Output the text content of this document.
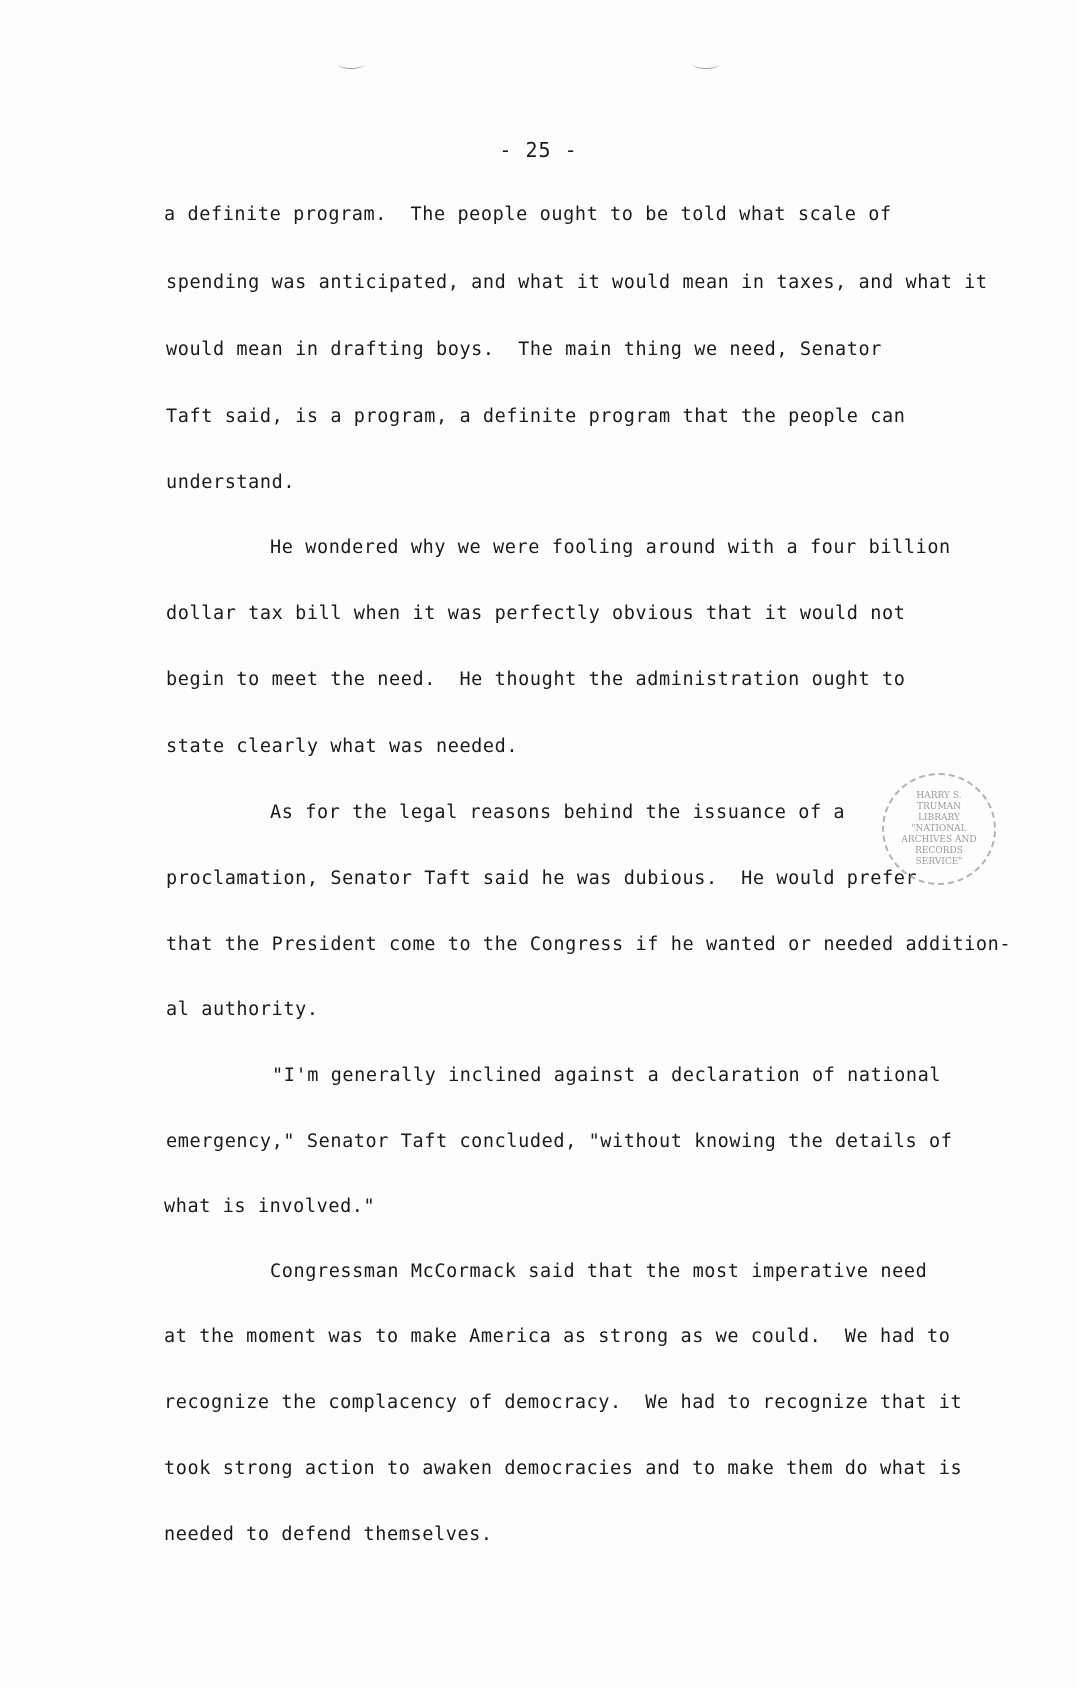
- 25 -
a definite program.  The people ought to be told what scale of
spending was anticipated, and what it would mean in taxes, and what it
would mean in drafting boys.  The main thing we need, Senator
Taft said, is a program, a definite program that the people can
understand.
He wondered why we were fooling around with a four billion
dollar tax bill when it was perfectly obvious that it would not
begin to meet the need.  He thought the administration ought to
state clearly what was needed.
As for the legal reasons behind the issuance of a
proclamation, Senator Taft said he was dubious.  He would prefer
that the President come to the Congress if he wanted or needed addition-
al authority.
"I'm generally inclined against a declaration of national
emergency," Senator Taft concluded, "without knowing the details of
what is involved."
Congressman McCormack said that the most imperative need
at the moment was to make America as strong as we could.  We had to
recognize the complacency of democracy.  We had to recognize that it
took strong action to awaken democracies and to make them do what is
needed to defend themselves.
HARRY S. TRUMAN LIBRARY "NATIONAL ARCHIVES AND RECORDS SERVICE"
